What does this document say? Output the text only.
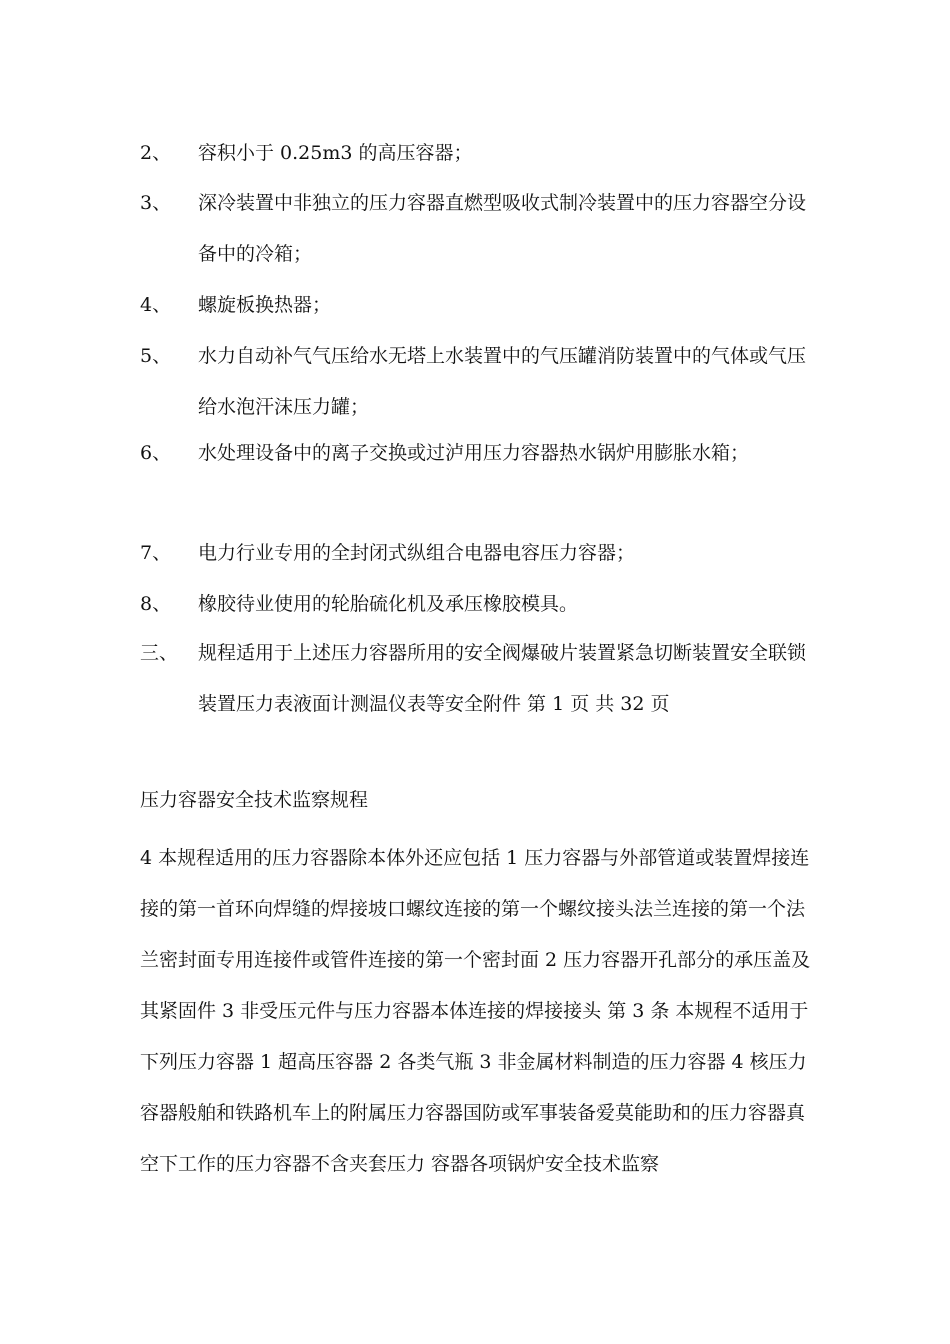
2、 容积小于 0.25m3 的高压容器；
3、 深冷装置中非独立的压力容器直燃型吸收式制冷装置中的压力容器空分设备中的冷箱；
4、 螺旋板换热器；
5、 水力自动补气气压给水无塔上水装置中的气压罐消防装置中的气体或气压给水泡汗沫压力罐；
6、 水处理设备中的离子交换或过泸用压力容器热水锅炉用膨胀水箱；
7、 电力行业专用的全封闭式纵组合电器电容压力容器；
8、 橡胶待业使用的轮胎硫化机及承压橡胶模具。
三、 规程适用于上述压力容器所用的安全阀爆破片装置紧急切断装置安全联锁装置压力表液面计测温仪表等安全附件 第 1 页 共 32 页
压力容器安全技术监察规程

4 本规程适用的压力容器除本体外还应包括 1 压力容器与外部管道或装置焊接连接的第一首环向焊缝的焊接坡口螺纹连接的第一个螺纹接头法兰连接的第一个法兰密封面专用连接件或管件连接的第一个密封面 2 压力容器开孔部分的承压盖及其紧固件 3 非受压元件与压力容器本体连接的焊接接头 第 3 条 本规程不适用于下列压力容器 1 超高压容器 2 各类气瓶 3 非金属材料制造的压力容器 4 核压力容器般舶和铁路机车上的附属压力容器国防或军事装备爱莫能助和的压力容器真空下工作的压力容器不含夹套压力 容器各项锅炉安全技术监察
